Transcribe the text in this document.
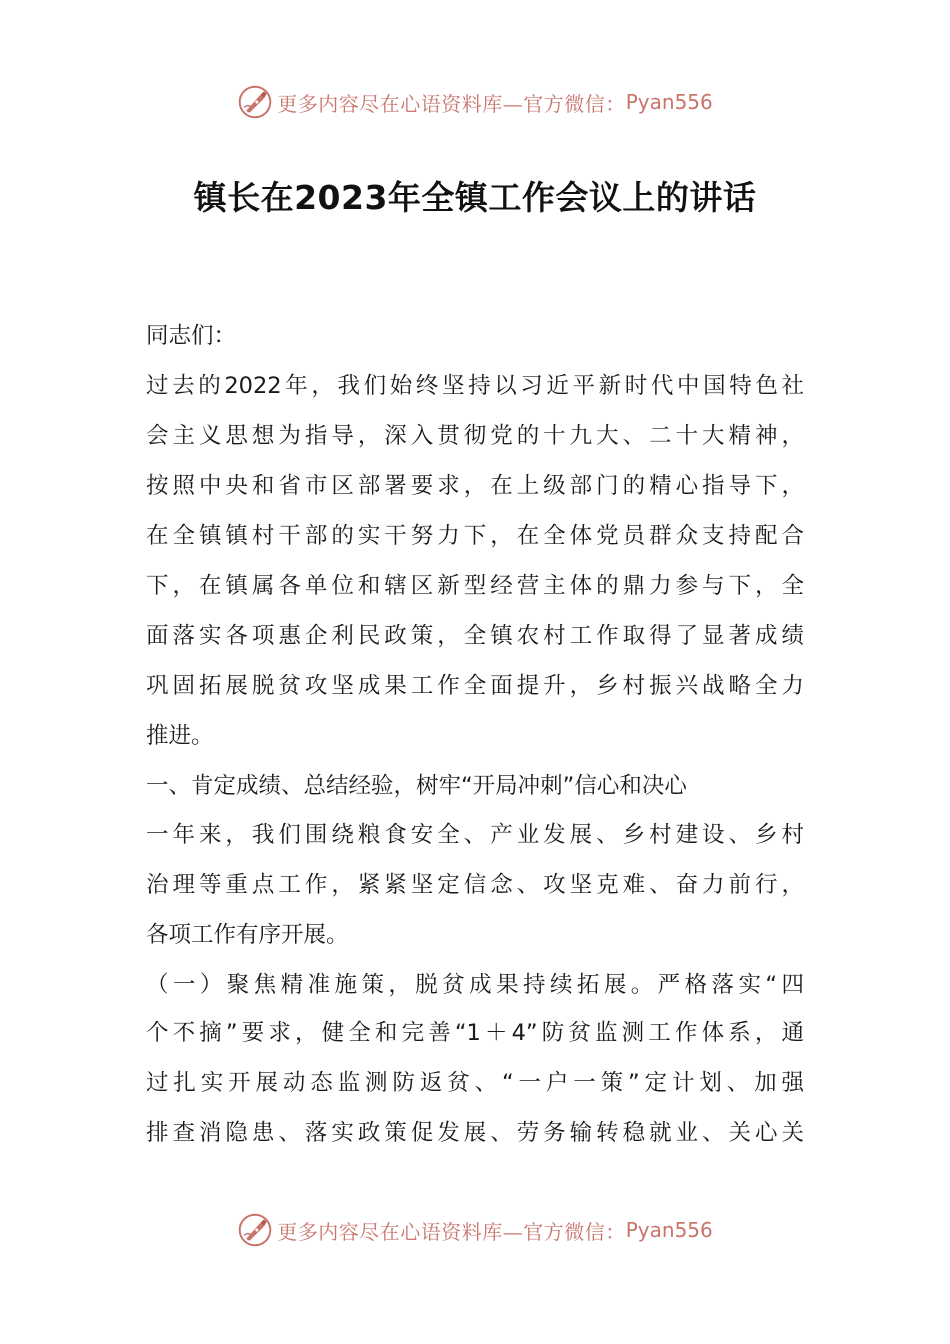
更多内容尽在心语资料库—官方微信： Pyan556
镇长在2023年全镇工作会议上的讲话
同志们：
过去的2022年，我们始终坚持以习近平新时代中国特色社
会主义思想为指导，深入贯彻党的十九大、二十大精神，
按照中央和省市区部署要求，在上级部门的精心指导下，
在全镇镇村干部的实干努力下，在全体党员群众支持配合
下，在镇属各单位和辖区新型经营主体的鼎力参与下，全
面落实各项惠企利民政策，全镇农村工作取得了显著成绩
巩固拓展脱贫攻坚成果工作全面提升，乡村振兴战略全力
推进。
一、肯定成绩、总结经验，树牢“开局冲刺”信心和决心
一年来，我们围绕粮食安全、产业发展、乡村建设、乡村
治理等重点工作，紧紧坚定信念、攻坚克难、奋力前行，
各项工作有序开展。
（一）聚焦精准施策，脱贫成果持续拓展。严格落实“四
个不摘”要求，健全和完善“1＋4”防贫监测工作体系，通
过扎实开展动态监测防返贫、“一户一策”定计划、加强
排查消隐患、落实政策促发展、劳务输转稳就业、关心关
更多内容尽在心语资料库—官方微信： Pyan556
